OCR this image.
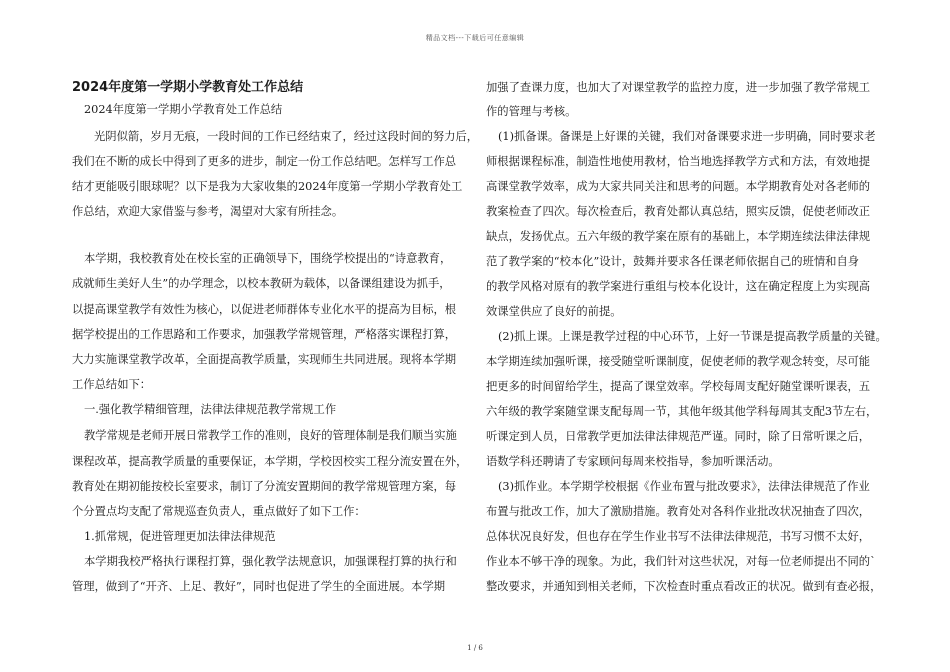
精品文档---下载后可任意编辑
2024年度第一学期小学教育处工作总结
2024年度第一学期小学教育处工作总结
光阴似箭，岁月无痕，一段时间的工作已经结束了，经过这段时间的努力后，
我们在不断的成长中得到了更多的进步，制定一份工作总结吧。怎样写工作总
结才更能吸引眼球呢？以下是我为大家收集的2024年度第一学期小学教育处工
作总结，欢迎大家借鉴与参考，渴望对大家有所挂念。
本学期，我校教育处在校长室的正确领导下，围绕学校提出的“诗意教育，
成就师生美好人生”的办学理念，以校本教研为载体，以备课组建设为抓手，
以提高课堂教学有效性为核心，以促进老师群体专业化水平的提高为目标，根
据学校提出的工作思路和工作要求，加强教学常规管理，严格落实课程打算，
大力实施课堂教学改革，全面提高教学质量，实现师生共同进展。现将本学期
工作总结如下：
一.强化教学精细管理，法律法律规范教学常规工作
教学常规是老师开展日常教学工作的准则，良好的管理体制是我们顺当实施
课程改革，提高教学质量的重要保证，本学期，学校因校实工程分流安置在外，
教育处在期初能按校长室要求，制订了分流安置期间的教学常规管理方案，每
个分置点均支配了常规巡查负责人，重点做好了如下工作：
1.抓常规，促进管理更加法律法律规范
本学期我校严格执行课程打算，强化教学法规意识，加强课程打算的执行和
管理，做到了“开齐、上足、教好”，同时也促进了学生的全面进展。本学期
加强了查课力度，也加大了对课堂教学的监控力度，进一步加强了教学常规工
作的管理与考核。
(1)抓备课。备课是上好课的关键，我们对备课要求进一步明确，同时要求老
师根据课程标准，制造性地使用教材，恰当地选择教学方式和方法，有效地提
高课堂教学效率，成为大家共同关注和思考的问题。本学期教育处对各老师的
教案检查了四次。每次检查后，教育处都认真总结，照实反馈，促使老师改正
缺点，发扬优点。五六年级的教学案在原有的基础上，本学期连续法律法律规
范了教学案的“校本化”设计，鼓舞并要求各任课老师依据自己的班情和自身
的教学风格对原有的教学案进行重组与校本化设计，这在确定程度上为实现高
效课堂供应了良好的前提。
(2)抓上课。上课是教学过程的中心环节，上好一节课是提高教学质量的关键。
本学期连续加强听课，接受随堂听课制度，促使老师的教学观念转变，尽可能
把更多的时间留给学生，提高了课堂效率。学校每周支配好随堂课听课表，五
六年级的教学案随堂课支配每周一节，其他年级其他学科每周其支配3节左右，
听课定到人员，日常教学更加法律法律规范严谨。同时，除了日常听课之后，
语数学科还聘请了专家顾问每周来校指导，参加听课活动。
(3)抓作业。本学期学校根据《作业布置与批改要求》，法律法律规范了作业
布置与批改工作，加大了激励措施。教育处对各科作业批改状况抽查了四次，
总体状况良好发，但也存在学生作业书写不法律法律规范，书写习惯不太好，
作业本不够干净的现象。为此，我们针对这些状况，对每一位老师提出不同的`
整改要求，并通知到相关老师，下次检查时重点看改正的状况。做到有查必报，
1 / 6
